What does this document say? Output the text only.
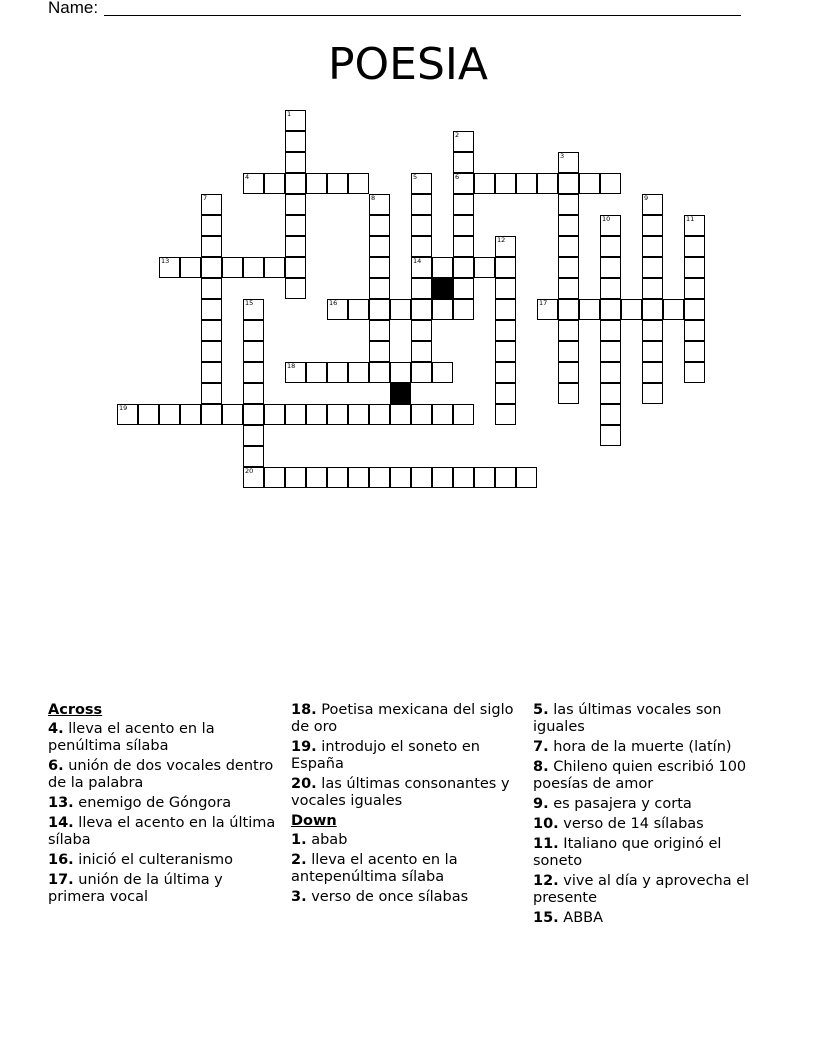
Name:
POESIA
1
2
3
4	5	6
7	8	9
10	11
12
13	14
15	16	17
18
19
20
Across
4. lleva el acento en la penúltima sílaba
6. unión de dos vocales dentro de la palabra
13. enemigo de Góngora
14. lleva el acento en la última sílaba
16. inició el culteranismo
17. unión de la última y primera vocal
18. Poetisa mexicana del siglo de oro
19. introdujo el soneto en España
20. las últimas consonantes y vocales iguales
Down
1. abab
2. lleva el acento en la antepenúltima sílaba
3. verso de once sílabas
5. las últimas vocales son iguales
7. hora de la muerte (latín)
8. Chileno quien escribió 100 poesías de amor
9. es pasajera y corta
10. verso de 14 sílabas
11. Italiano que originó el soneto
12. vive al día y aprovecha el presente
15. ABBA
